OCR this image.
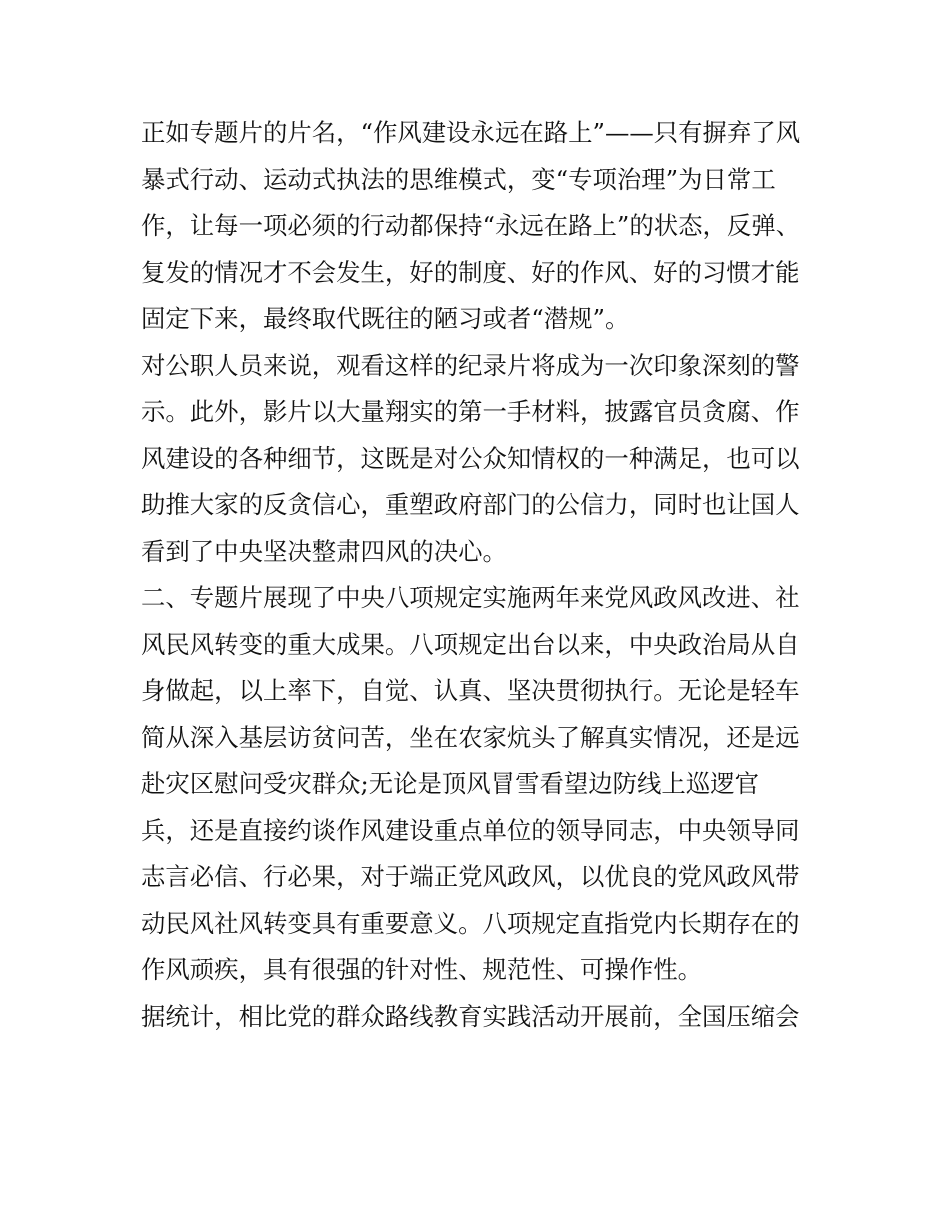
正如专题片的片名，“作风建设永远在路上”——只有摒弃了风
暴式行动、运动式执法的思维模式，变“专项治理”为日常工
作，让每一项必须的行动都保持“永远在路上”的状态，反弹、
复发的情况才不会发生，好的制度、好的作风、好的习惯才能
固定下来，最终取代既往的陋习或者“潜规”。
对公职人员来说，观看这样的纪录片将成为一次印象深刻的警
示。此外，影片以大量翔实的第一手材料，披露官员贪腐、作
风建设的各种细节，这既是对公众知情权的一种满足，也可以
助推大家的反贪信心，重塑政府部门的公信力，同时也让国人
看到了中央坚决整肃四风的决心。
二、专题片展现了中央八项规定实施两年来党风政风改进、社
风民风转变的重大成果。八项规定出台以来，中央政治局从自
身做起，以上率下，自觉、认真、坚决贯彻执行。无论是轻车
简从深入基层访贫问苦，坐在农家炕头了解真实情况，还是远
赴灾区慰问受灾群众;无论是顶风冒雪看望边防线上巡逻官
兵，还是直接约谈作风建设重点单位的领导同志，中央领导同
志言必信、行必果，对于端正党风政风，以优良的党风政风带
动民风社风转变具有重要意义。八项规定直指党内长期存在的
作风顽疾，具有很强的针对性、规范性、可操作性。
据统计，相比党的群众路线教育实践活动开展前，全国压缩会
